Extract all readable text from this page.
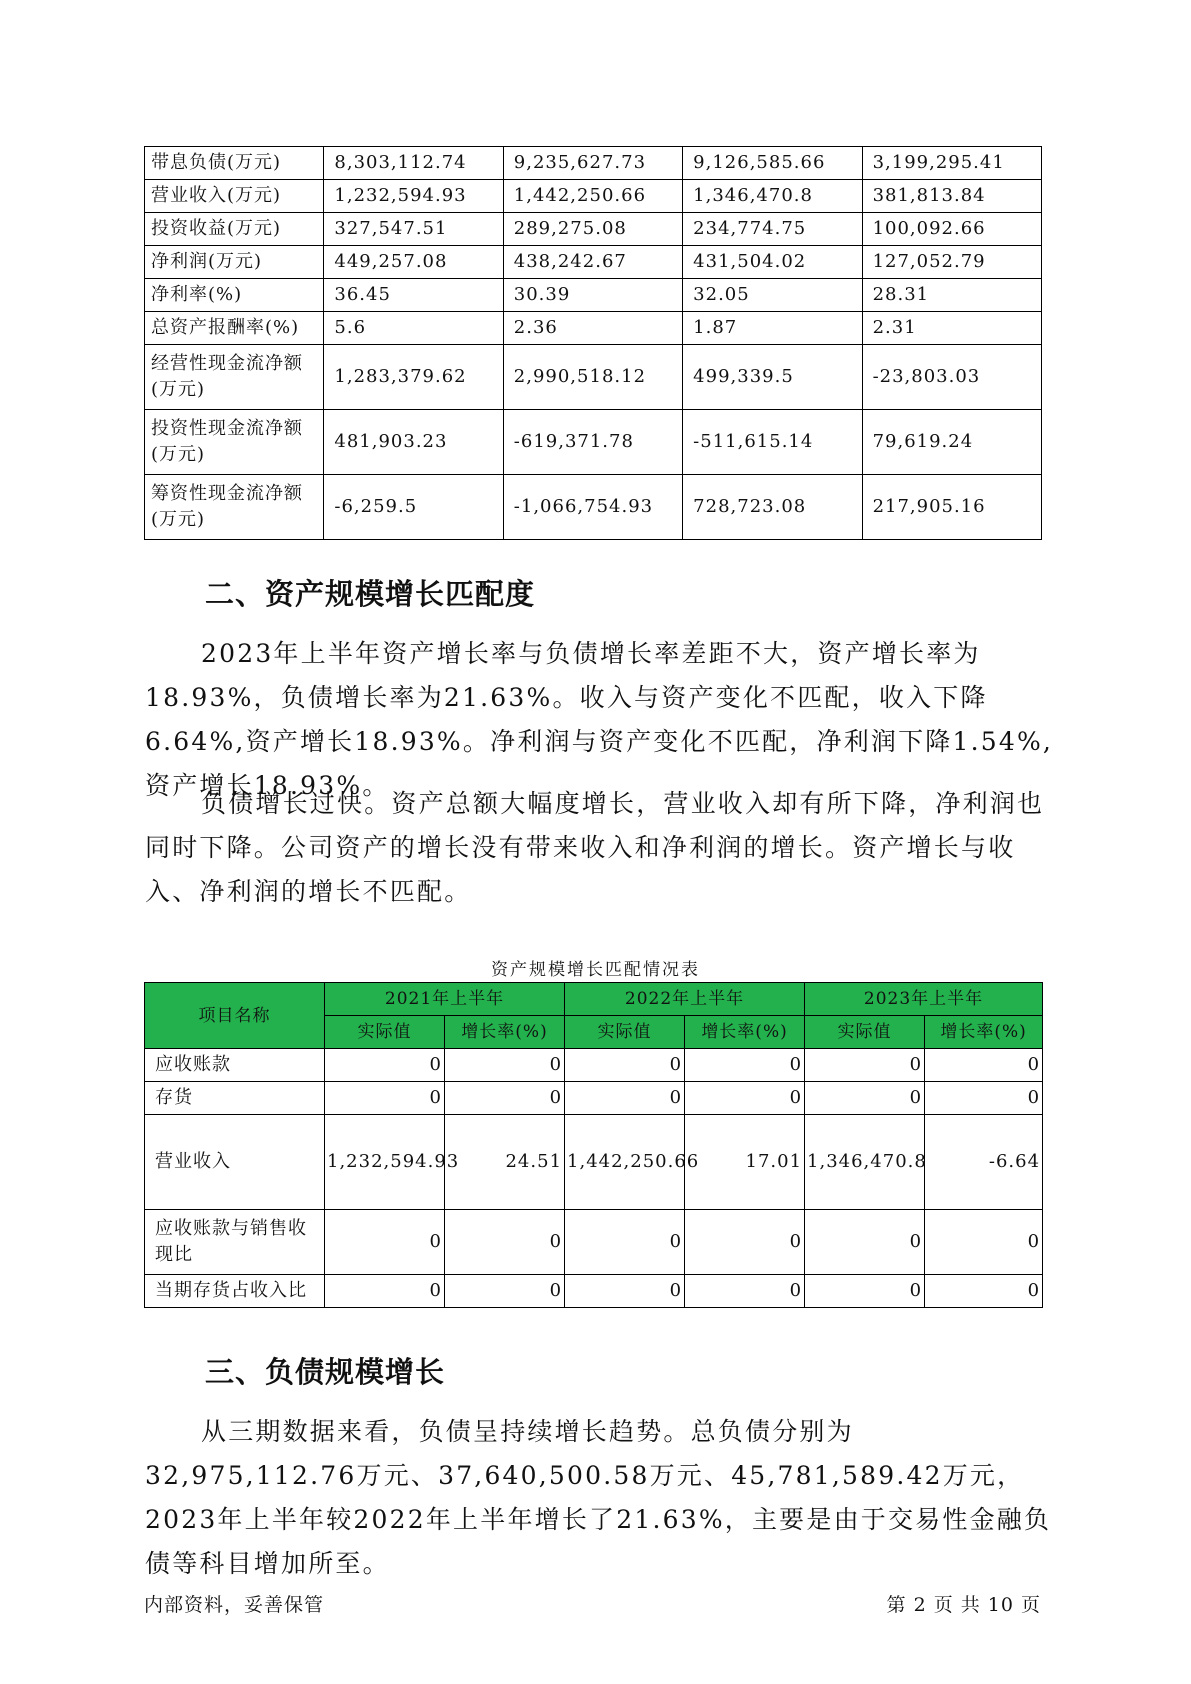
带息负债(万元)	8,303,112.74	9,235,627.73	9,126,585.66	3,199,295.41
营业收入(万元)	1,232,594.93	1,442,250.66	1,346,470.8	381,813.84
投资收益(万元)	327,547.51	289,275.08	234,774.75	100,092.66
净利润(万元)	449,257.08	438,242.67	431,504.02	127,052.79
净利率(%)	36.45	30.39	32.05	28.31
总资产报酬率(%)	5.6	2.36	1.87	2.31
经营性现金流净额(万元)	1,283,379.62	2,990,518.12	499,339.5	-23,803.03
投资性现金流净额(万元)	481,903.23	-619,371.78	-511,615.14	79,619.24
筹资性现金流净额(万元)	-6,259.5	-1,066,754.93	728,723.08	217,905.16
二、资产规模增长匹配度

2023年上半年资产增长率与负债增长率差距不大，资产增长率为18.93%，负债增长率为21.63%。收入与资产变化不匹配，收入下降6.64%,资产增长18.93%。净利润与资产变化不匹配，净利润下降1.54%,资产增长18.93%。

负债增长过快。资产总额大幅度增长，营业收入却有所下降，净利润也同时下降。公司资产的增长没有带来收入和净利润的增长。资产增长与收入、净利润的增长不匹配。

资产规模增长匹配情况表
项目名称	2021年上半年		2022年上半年		2023年上半年	
	实际值	增长率(%)	实际值	增长率(%)	实际值	增长率(%)
应收账款	0	0	0	0	0	0
存货	0	0	0	0	0	0
营业收入	1,232,594.93	24.51	1,442,250.66	17.01	1,346,470.8	-6.64
应收账款与销售收现比	0	0	0	0	0	0
当期存货占收入比	0	0	0	0	0	0
三、负债规模增长

从三期数据来看，负债呈持续增长趋势。总负债分别为32,975,112.76万元、37,640,500.58万元、45,781,589.42万元，2023年上半年较2022年上半年增长了21.63%，主要是由于交易性金融负债等科目增加所至。

内部资料，妥善保管	第 2 页 共 10 页
